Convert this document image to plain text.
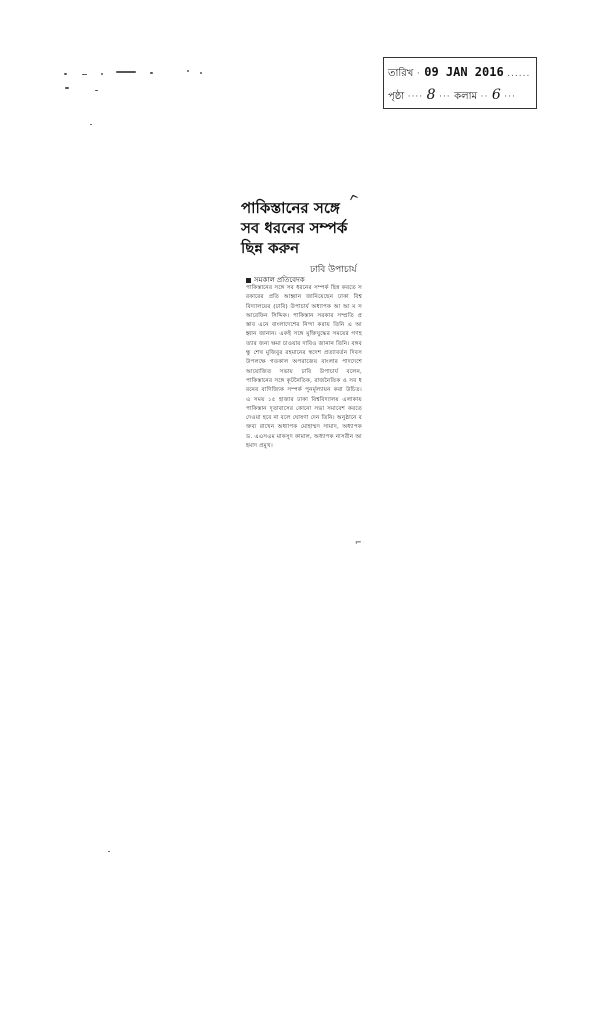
তারিখ · 09 JAN 2016 ......
পৃষ্ঠা ···· 8 ··· কলাম ·· 6 ···
পাকিস্তানের সঙ্গে
সব ধরনের সম্পর্ক
ছিন্ন করুন
ঢাবি উপাচার্য
সমকাল প্রতিবেদক
পাকিস্তানের সঙ্গে সব ধরনের সম্পর্ক ছিন্ন করতে সরকারের প্রতি আহ্বান জানিয়েছেন ঢাকা বিশ্ববিদ্যালয়ের (ঢাবি) উপাচার্য অধ্যাপক আ আ ম স আরেফিন সিদ্দিক। পাকিস্তান সরকার সম্প্রতি প্রস্তাব এনে বাংলাদেশের নিন্দা করায় তিনি এ আহ্বান জানান। একই সঙ্গে মুক্তিযুদ্ধের সময়ের গণহত্যার জন্য ক্ষমা চাওয়ার দাবিও জানান তিনি। বঙ্গবন্ধু শেখ মুজিবুর রহমানের স্বদেশ প্রত্যাবর্তন দিবস উপলক্ষে গতকাল অপরাজেয় বাংলার পাদদেশে আয়োজিত সভায় ঢাবি উপাচার্য বলেন, পাকিস্তানের সঙ্গে কূটনৈতিক, রাজনৈতিক ও সব ধরনের বাণিজ্যিক সম্পর্ক পুনর্মূল্যায়ন করা উচিত। এ সময় ১৫ হাজার ঢাকা বিশ্ববিদ্যালয় এলাকায় পাকিস্তান দূতাবাসের কোনো সভা সমাবেশ করতে দেওয়া হবে না বলে ঘোষণা দেন তিনি। অনুষ্ঠানে বক্তব্য রাখেন অধ্যাপক মোহাম্মদ সামাদ, অধ্যাপক ড. এএসএম মাকসুদ কামাল, অধ্যাপক নাসরীন আহমাদ প্রমুখ।
⌐
^
